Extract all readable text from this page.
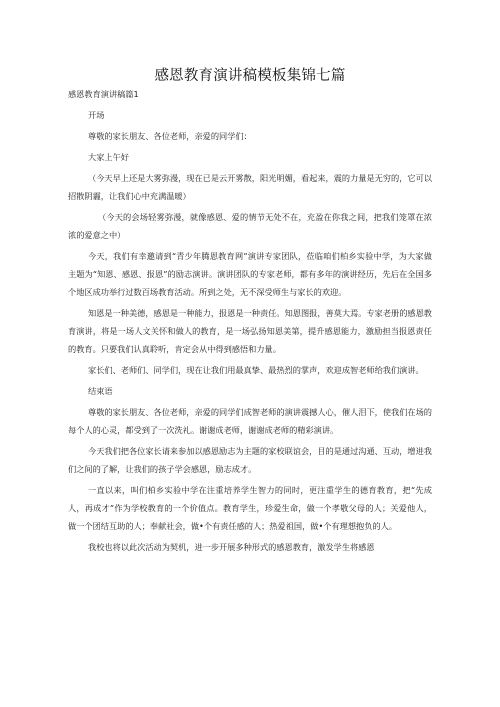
感恩教育演讲稿模板集锦七篇
感恩教育演讲稿篇1

开场

尊敬的家长朋友、各位老师，亲爱的同学们：

大家上午好

（今天早上还是大雾弥漫，现在已是云开雾散，阳光明媚，看起来，震的力量是无穷的，它可以招散阴霾，让我们心中充满温暖）

（今天的会场轻雾弥漫，就像感恩、爱的情节无处不在，充盈在你我之间，把我们笼罩在浓浓的爱意之中）

今天，我们有幸邀请到“青少年腾恩教育网”演讲专家团队，莅临咱们柏乡实验中学，为大家做主题为“知恩、感恩、报恩”的励志演讲。演讲团队的专家老师，都有多年的演讲经历，先后在全国多个地区成功举行过数百场教育活动。所到之处，无不深受师生与家长的欢迎。

知恩是一种美德，感恩是一种能力，报恩是一种责任。知恩图报，善莫大焉。专家老册的感恩教育演讲，将是一场人文关怀和做人的教育，是一场弘扬知恩美第，提升感恩能力，激励担当报恩责任的教育。只要我们认真聆听，肯定会从中得到感悟和力量。

家长们、老师们、同学们，现在让我们用最真挚、最热烈的掌声，欢迎成智老师给我们演讲。

结束语

尊敬的家长朋友、各位老师，亲爱的同学们成智老师的演讲震撼人心，催人泪下，使我们在场的每个人的心灵，都受到了一次洗礼。谢谢成老师，谢谢成老师的精彩演讲。

今天我们把各位家长请来参加以感恩励志为主题的家校联谊会，目的是通过沟通、互动，增进我们之间的了解，让我们的孩子学会感恩，励志成才。

一直以来，叫们柏乡实验中学在注重培养学生智力的同时，更注重学生的德育教育，把“先成人，再成才”作为学校教育的一个价值点。教育学生，珍爱生命，做一个孝敬父母的人；关爱他人，做一个团结互助的人；奉献社会，做•个有责任感的人；热爱祖国，做•个有理想抱负的人。

我校也将以此次活动为契机，进一步开展多种形式的感恩教育，激发学生将感恩
